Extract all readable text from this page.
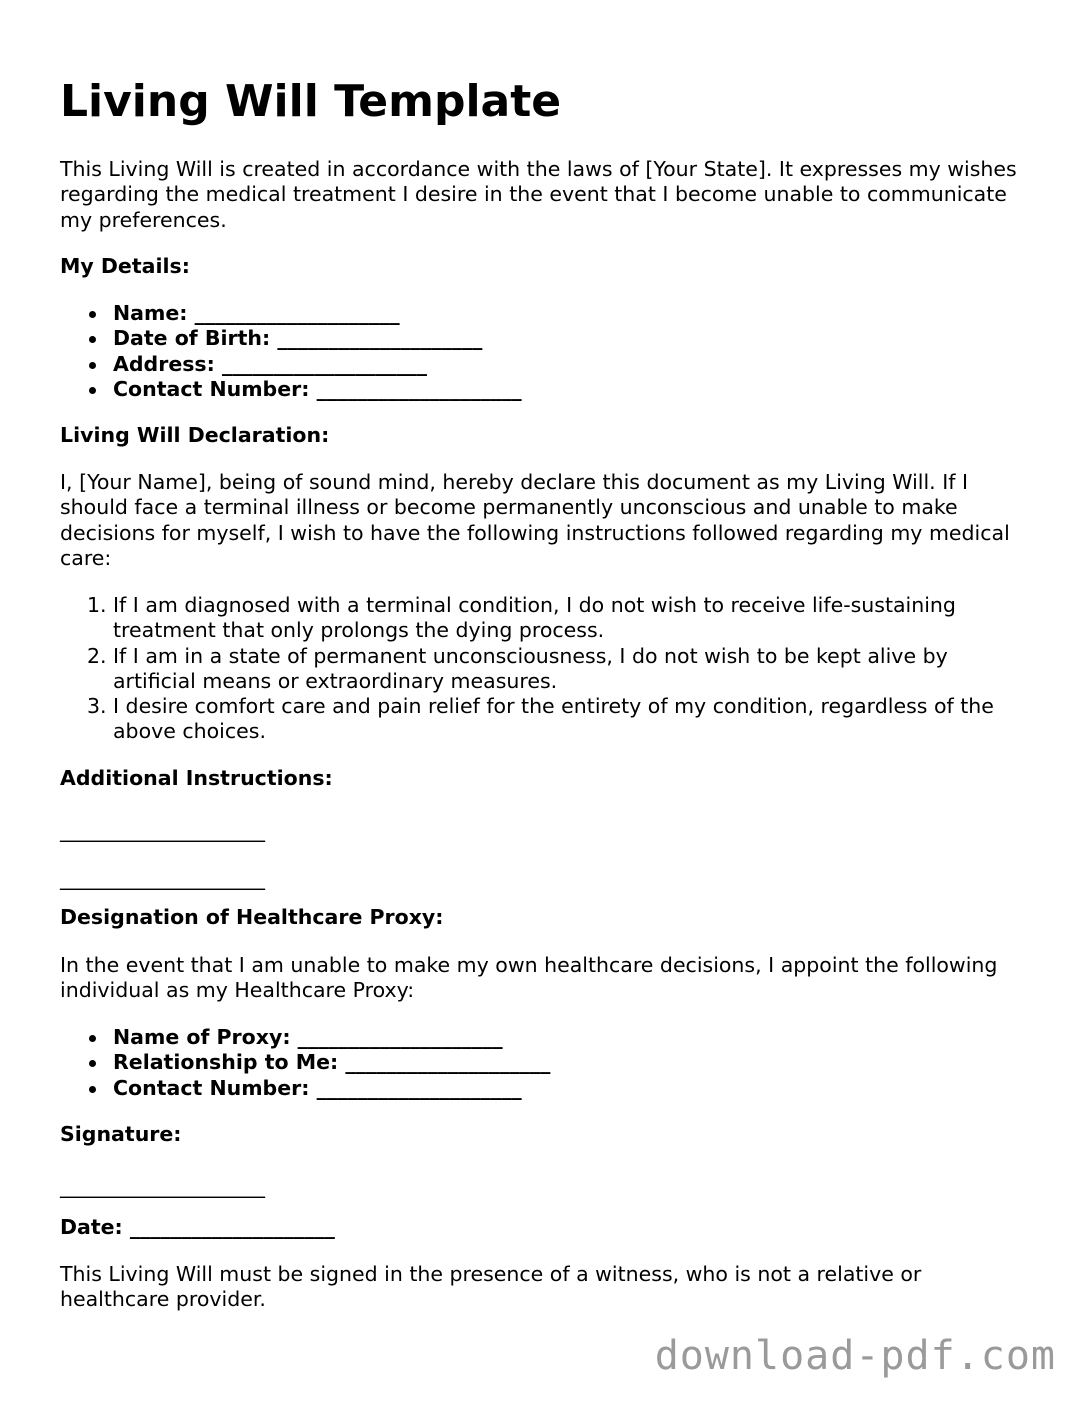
Living Will Template

This Living Will is created in accordance with the laws of [Your State]. It expresses my wishes regarding the medical treatment I desire in the event that I become unable to communicate my preferences.

My Details:

Name: ____________________
Date of Birth: ____________________
Address: ____________________
Contact Number: ____________________

Living Will Declaration:

I, [Your Name], being of sound mind, hereby declare this document as my Living Will. If I should face a terminal illness or become permanently unconscious and unable to make decisions for myself, I wish to have the following instructions followed regarding my medical care:

1. If I am diagnosed with a terminal condition, I do not wish to receive life-sustaining treatment that only prolongs the dying process.
2. If I am in a state of permanent unconsciousness, I do not wish to be kept alive by artificial means or extraordinary measures.
3. I desire comfort care and pain relief for the entirety of my condition, regardless of the above choices.

Additional Instructions:

____________________
____________________

Designation of Healthcare Proxy:

In the event that I am unable to make my own healthcare decisions, I appoint the following individual as my Healthcare Proxy:

Name of Proxy: ____________________
Relationship to Me: ____________________
Contact Number: ____________________

Signature:

____________________

Date: ____________________

This Living Will must be signed in the presence of a witness, who is not a relative or healthcare provider.

download-pdf.com
